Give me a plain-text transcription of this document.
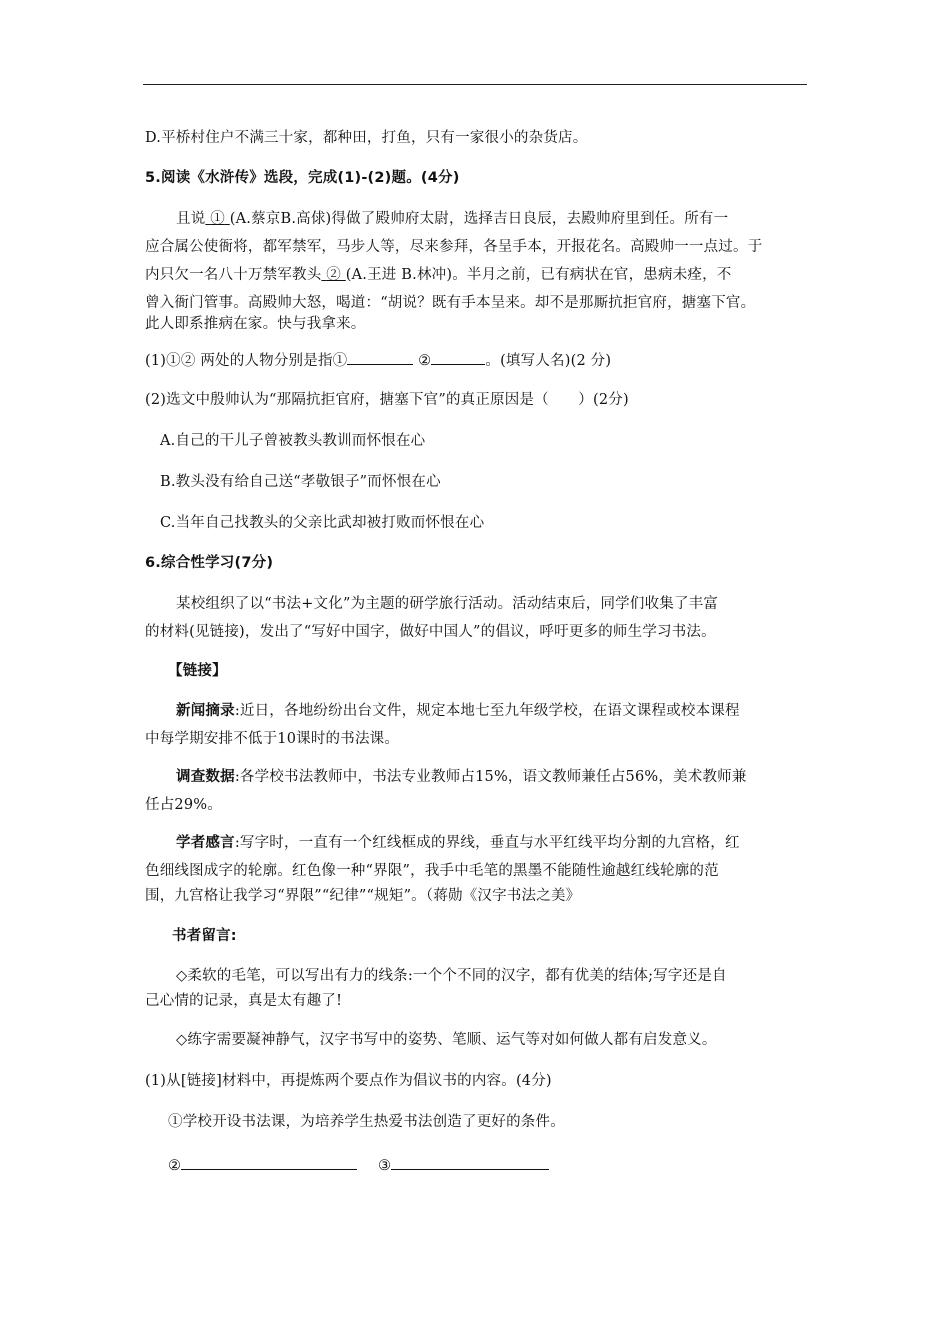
D.平桥村住户不满三十家，都种田，打鱼，只有一家很小的杂货店。
5.阅读《水浒传》选段，完成(1)-(2)题。(4分)
且说 ① (A.蔡京B.高俅)得做了殿帅府太尉，选择吉日良辰，去殿帅府里到任。所有一
应合属公使衙将，都军禁军，马步人等，尽来参拜，各呈手本，开报花名。高殿帅一一点过。于
内只欠一名八十万禁军教头 ② (A.王进 B.林冲)。半月之前，已有病状在官，患病未痊，不
曾入衙门管事。高殿帅大怒，喝道：“胡说？既有手本呈来。却不是那厮抗拒官府，搪塞下官。
此人即系推病在家。快与我拿来。
(1)①② 两处的人物分别是指①	②	。(填写人名)(2 分)
(2)选文中殷帅认为“那隔抗拒官府，搪塞下官”的真正原因是（　　）(2分)
A.自己的干儿子曾被教头教训而怀恨在心
B.教头没有给自己送“孝敬银子”而怀恨在心
C.当年自己找教头的父亲比武却被打败而怀恨在心
6.综合性学习(7分)
某校组织了以“书法+文化”为主题的研学旅行活动。活动结束后，同学们收集了丰富
的材料(见链接)，发出了“写好中国字，做好中国人”的倡议，呼吁更多的师生学习书法。
【链接】
新闻摘录:近日，各地纷纷出台文件，规定本地七至九年级学校，在语文课程或校本课程
中每学期安排不低于10课时的书法课。
调查数据:各学校书法教师中，书法专业教师占15%，语文教师兼任占56%，美术教师兼
任占29%。
学者感言:写字时，一直有一个红线框成的界线，垂直与水平红线平均分割的九宫格，红
色细线图成字的轮廓。红色像一种“界限”，我手中毛笔的黑墨不能随性逾越红线轮廓的范
围，九宫格让我学习“界限”“纪律”“规矩”。（蒋勋《汉字书法之美》
书者留言:
◇柔软的毛笔，可以写出有力的线条:一个个不同的汉字，都有优美的结体;写字还是自
己心情的记录，真是太有趣了!
◇练字需要凝神静气，汉字书写中的姿势、笔顺、运气等对如何做人都有启发意义。
(1)从[链接]材料中，再提炼两个要点作为倡议书的内容。(4分)
①学校开设书法课，为培养学生热爱书法创造了更好的条件。
②	③
